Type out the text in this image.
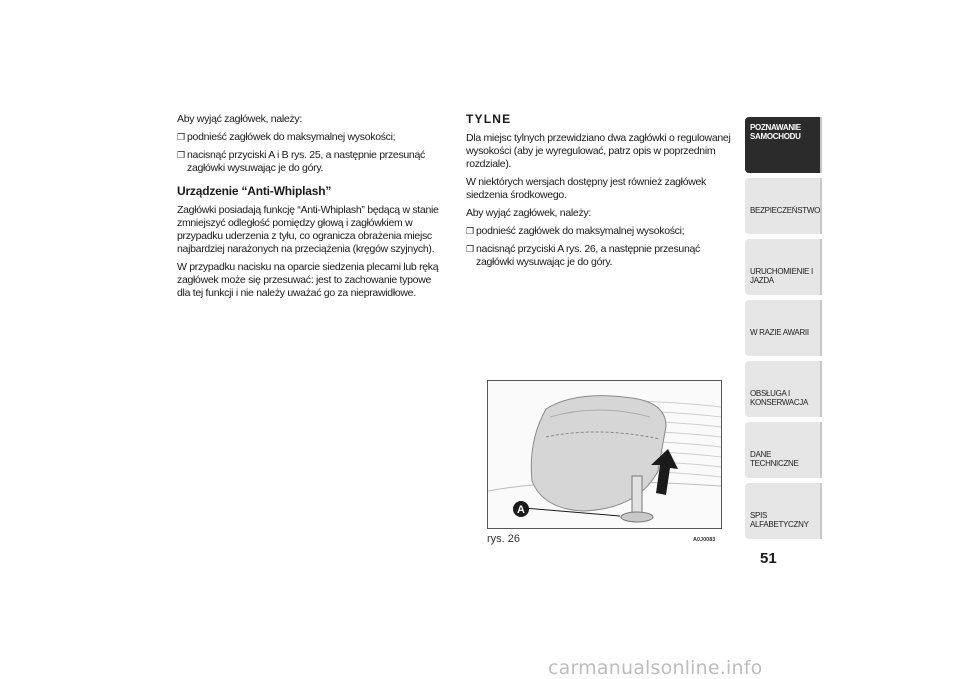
Aby wyjąć zagłówek, należy:

❒ podnieść zagłówek do maksymalnej wysokości;
❒ nacisnąć przyciski A i B rys. 25, a następnie przesunąć zagłówki wysuwając je do góry.
Urządzenie “Anti-Whiplash”

Zagłówki posiadają funkcję “Anti-Whiplash” będącą w stanie zmniejszyć odległość pomiędzy głową i zagłówkiem w przypadku uderzenia z tyłu, co ogranicza obrażenia miejsc najbardziej narażonych na przeciążenia (kręgów szyjnych).

W przypadku nacisku na oparcie siedzenia plecami lub ręką zagłówek może się przesuwać: jest to zachowanie typowe dla tej funkcji i nie należy uważać go za nieprawidłowe.

TYLNE

Dla miejsc tylnych przewidziano dwa zagłówki o regulowanej wysokości (aby je wyregulować, patrz opis w poprzednim rozdziale).

W niektórych wersjach dostępny jest również zagłówek siedzenia środkowego.

Aby wyjąć zagłówek, należy:

❒ podnieść zagłówek do maksymalnej wysokości;
❒ nacisnąć przyciski A rys. 26, a następnie przesunąć zagłówki wysuwając je do góry.
A
rys. 26	A0J0083
POZNAWANIE SAMOCHODU
BEZPIECZEŃSTWO
URUCHOMIENIE I JAZDA
W RAZIE AWARII
OBSŁUGA I KONSERWACJA
DANE TECHNICZNE
SPIS ALFABETYCZNY
51
carmanualsonline.info
